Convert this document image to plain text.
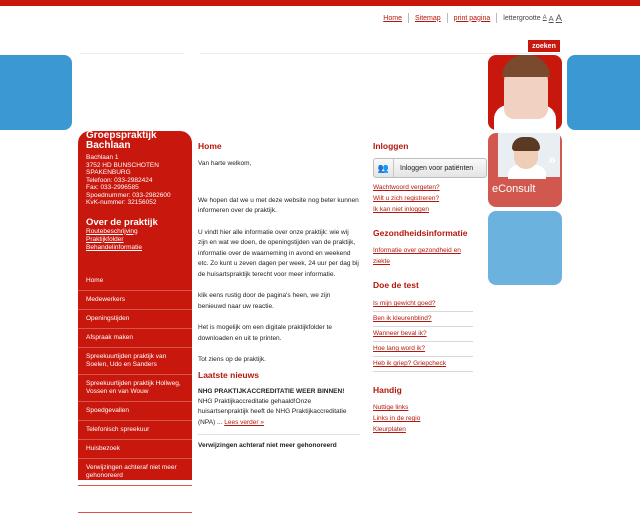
Home Sitemap print pagina lettergrootte A A A
zoeken
»
eConsult
Groepspraktijk Bachlaan
Bachlaan 1
3752 HD BUNSCHOTEN
SPAKENBURG
Telefoon: 033-2982424
Fax: 033-2996585
Spoednummer: 033-2982600
KvK-nummer: 32156052
Over de praktijk
Routebeschrijving
Praktijkfolder
Behandelinformatie
Home
Medewerkers
Openingstijden
Afspraak maken
Spreekuurtijden praktijk van Soelen, Udo en Sanders
Spreekuurtijden praktijk Hollweg, Vossen en van Wouw
Spoedgevallen
Telefonisch spreekuur
Huisbezoek
Verwijzingen achteraf niet meer gehonoreerd
Assistentie en praktijkondersteuning
Home

Van harte welkom,

We hopen dat we u met deze website nog beter kunnen informeren over de praktijk.

U vindt hier alle informatie over onze praktijk: wie wij zijn en wat we doen, de openingstijden van de praktijk, informatie over de waarneming in avond en weekend etc. Zo kunt u zeven dagen per week, 24 uur per dag bij de huisartspraktijk terecht voor meer informatie.

klik eens rustig door de pagina's heen, we zijn benieuwd naar uw reactie.

Het is mogelijk om een digitale praktijkfolder te downloaden en uit te printen.

Tot ziens op de praktijk.

Laatste nieuws
NHG PRAKTIJKACCREDITATIE WEER BINNEN!
NHG Praktijkaccreditatie gehaald!Onze huisartsenpraktijk heeft de NHG Praktijkaccreditatie (NPA) ... Lees verder »
Verwijzingen achteraf niet meer gehonoreerd
Inloggen
👥	Inloggen voor patiënten
Wachtwoord vergeten?
Wilt u zich registreren?
Ik kan niet inloggen
Gezondheidsinformatie
Informatie over gezondheid en ziekte
Doe de test
Is mijn gewicht goed?
Ben ik kleurenblind?
Wanneer beval ik?
Hoe lang word ik?
Heb ik griep? Griepcheck
Handig
Nuttige links
Links in de regio
Kleurplaten
